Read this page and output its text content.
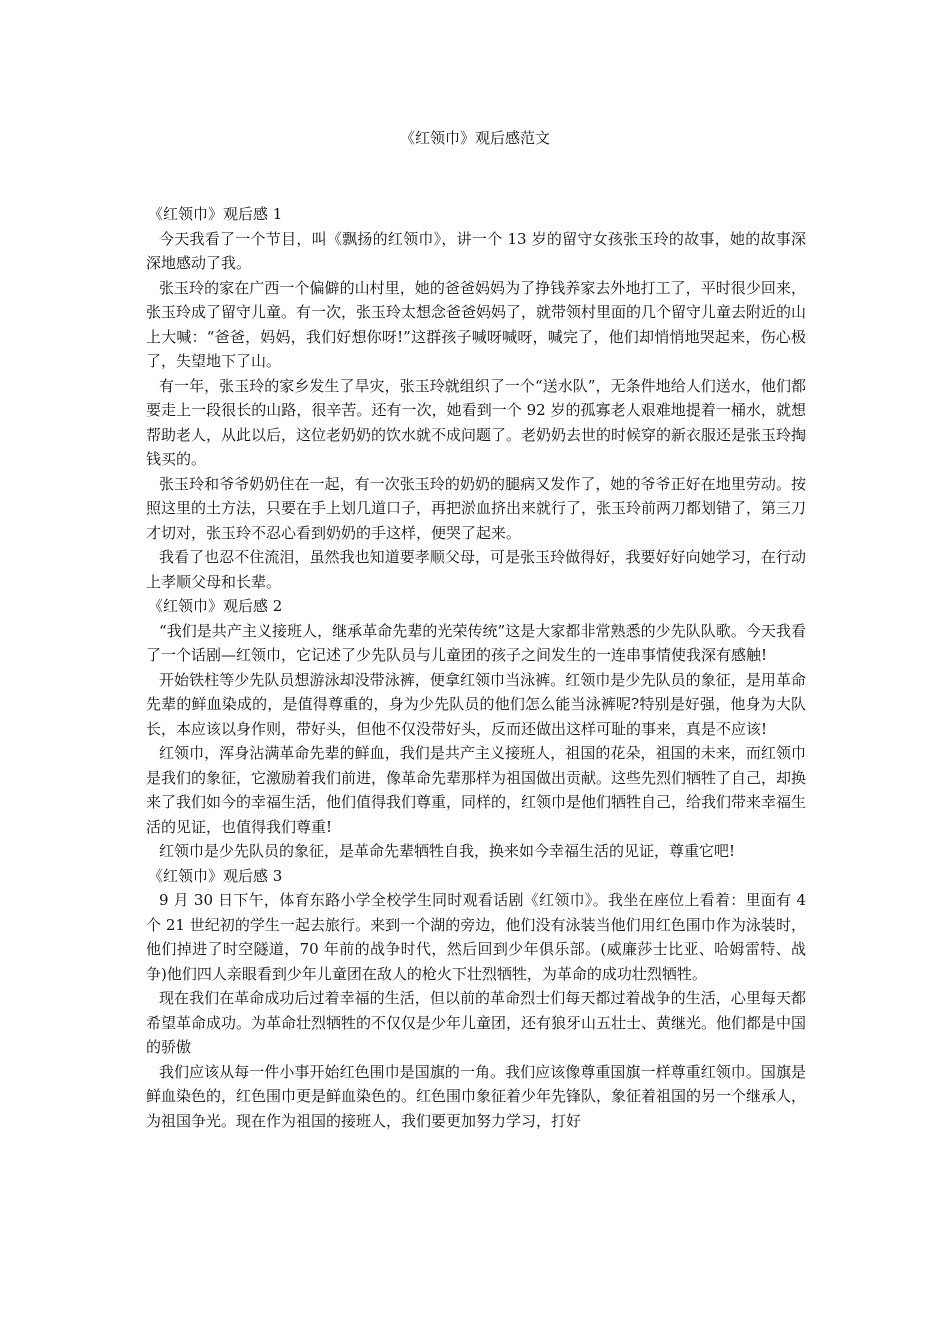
《红领巾》观后感范文

《红领巾》观后感 1

今天我看了一个节目，叫《飘扬的红领巾》，讲一个 13 岁的留守女孩张玉玲的故事，她的故事深深地感动了我。

张玉玲的家在广西一个偏僻的山村里，她的爸爸妈妈为了挣钱养家去外地打工了，平时很少回来，张玉玲成了留守儿童。有一次，张玉玲太想念爸爸妈妈了，就带领村里面的几个留守儿童去附近的山上大喊：“爸爸，妈妈，我们好想你呀!”这群孩子喊呀喊呀，喊完了，他们却悄悄地哭起来，伤心极了，失望地下了山。

有一年，张玉玲的家乡发生了旱灾，张玉玲就组织了一个“送水队”，无条件地给人们送水，他们都要走上一段很长的山路，很辛苦。还有一次，她看到一个 92 岁的孤寡老人艰难地提着一桶水，就想帮助老人，从此以后，这位老奶奶的饮水就不成问题了。老奶奶去世的时候穿的新衣服还是张玉玲掏钱买的。

张玉玲和爷爷奶奶住在一起，有一次张玉玲的奶奶的腿病又发作了，她的爷爷正好在地里劳动。按照这里的土方法，只要在手上划几道口子，再把淤血挤出来就行了，张玉玲前两刀都划错了，第三刀才切对，张玉玲不忍心看到奶奶的手这样，便哭了起来。

我看了也忍不住流泪，虽然我也知道要孝顺父母，可是张玉玲做得好，我要好好向她学习，在行动上孝顺父母和长辈。

《红领巾》观后感 2

“我们是共产主义接班人，继承革命先辈的光荣传统”这是大家都非常熟悉的少先队队歌。今天我看了一个话剧—红领巾，它记述了少先队员与儿童团的孩子之间发生的一连串事情使我深有感触!

开始铁柱等少先队员想游泳却没带泳裤，便拿红领巾当泳裤。红领巾是少先队员的象征，是用革命先辈的鲜血染成的，是值得尊重的，身为少先队员的他们怎么能当泳裤呢?特别是好强，他身为大队长，本应该以身作则，带好头，但他不仅没带好头，反而还做出这样可耻的事来，真是不应该!

红领巾，浑身沾满革命先辈的鲜血，我们是共产主义接班人，祖国的花朵，祖国的未来，而红领巾是我们的象征，它激励着我们前进，像革命先辈那样为祖国做出贡献。这些先烈们牺牲了自己，却换来了我们如今的幸福生活，他们值得我们尊重，同样的，红领巾是他们牺牲自己，给我们带来幸福生活的见证，也值得我们尊重!

红领巾是少先队员的象征，是革命先辈牺牲自我，换来如今幸福生活的见证，尊重它吧!

《红领巾》观后感 3

9 月 30 日下午，体育东路小学全校学生同时观看话剧《红领巾》。我坐在座位上看着：里面有 4 个 21 世纪初的学生一起去旅行。来到一个湖的旁边，他们没有泳装当他们用红色围巾作为泳装时，他们掉进了时空隧道，70 年前的战争时代，然后回到少年俱乐部。(威廉莎士比亚、哈姆雷特、战争)他们四人亲眼看到少年儿童团在敌人的枪火下壮烈牺牲，为革命的成功壮烈牺牲。

现在我们在革命成功后过着幸福的生活，但以前的革命烈士们每天都过着战争的生活，心里每天都希望革命成功。为革命壮烈牺牲的不仅仅是少年儿童团，还有狼牙山五壮士、黄继光。他们都是中国的骄傲

我们应该从每一件小事开始红色围巾是国旗的一角。我们应该像尊重国旗一样尊重红领巾。国旗是鲜血染色的，红色围巾更是鲜血染色的。红色围巾象征着少年先锋队，象征着祖国的另一个继承人，为祖国争光。现在作为祖国的接班人，我们要更加努力学习，打好
